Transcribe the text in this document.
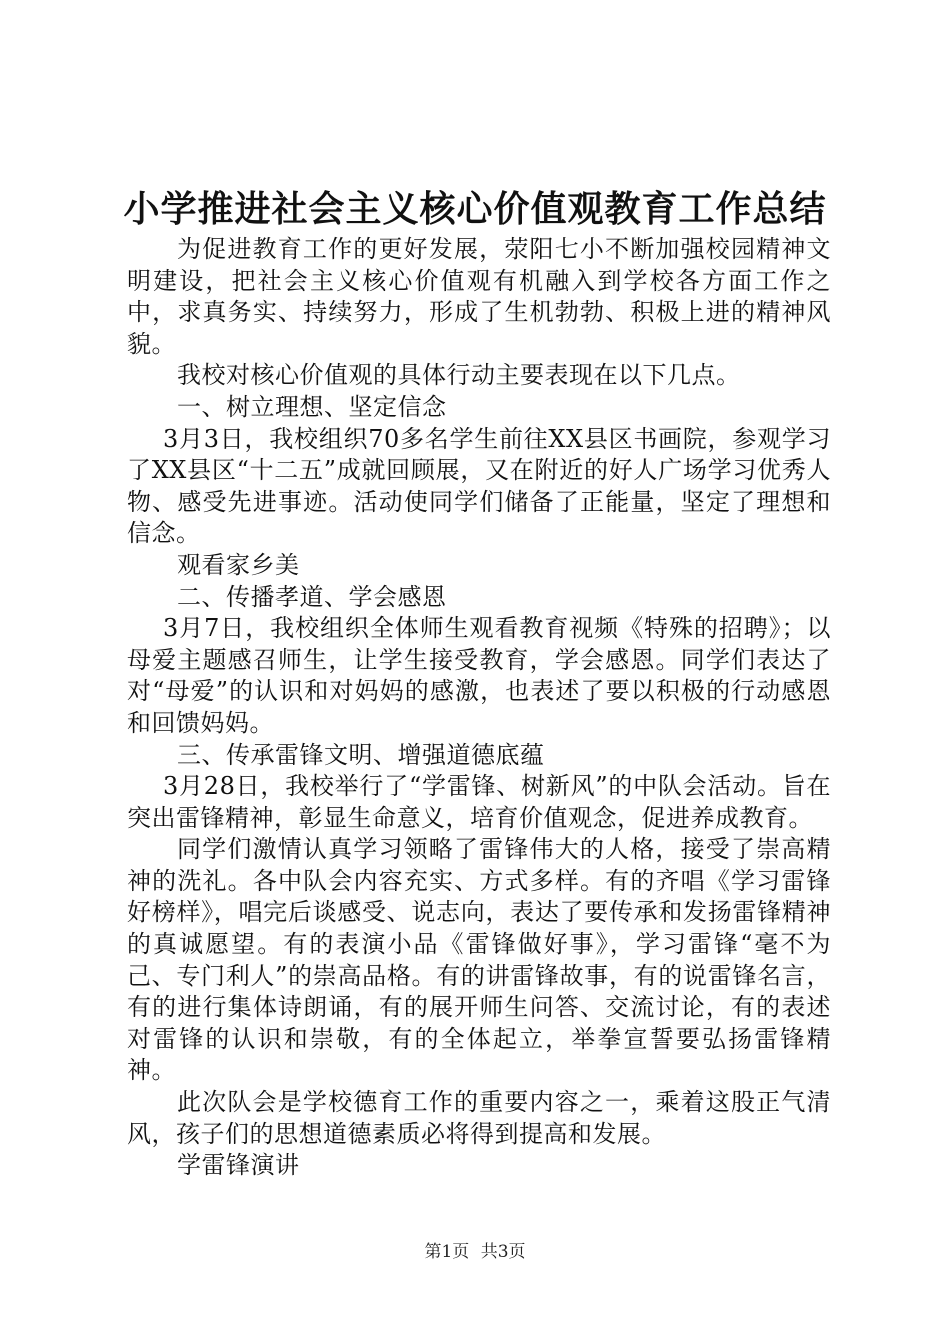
小学推进社会主义核心价值观教育工作总结

为促进教育工作的更好发展，荥阳七小不断加强校园精神文明建设，把社会主义核心价值观有机融入到学校各方面工作之中，求真务实、持续努力，形成了生机勃勃、积极上进的精神风貌。

我校对核心价值观的具体行动主要表现在以下几点。

一、树立理想、坚定信念

3月3日，我校组织70多名学生前往XX县区书画院，参观学习了XX县区“十二五”成就回顾展，又在附近的好人广场学习优秀人物、感受先进事迹。活动使同学们储备了正能量，坚定了理想和信念。

观看家乡美

二、传播孝道、学会感恩

3月7日，我校组织全体师生观看教育视频《特殊的招聘》；以母爱主题感召师生，让学生接受教育，学会感恩。同学们表达了对“母爱”的认识和对妈妈的感激，也表述了要以积极的行动感恩和回馈妈妈。

三、传承雷锋文明、增强道德底蕴

3月28日，我校举行了“学雷锋、树新风”的中队会活动。旨在突出雷锋精神，彰显生命意义，培育价值观念，促进养成教育。

同学们激情认真学习领略了雷锋伟大的人格，接受了崇高精神的洗礼。各中队会内容充实、方式多样。有的齐唱《学习雷锋好榜样》，唱完后谈感受、说志向，表达了要传承和发扬雷锋精神的真诚愿望。有的表演小品《雷锋做好事》，学习雷锋“毫不为己、专门利人”的崇高品格。有的讲雷锋故事，有的说雷锋名言，有的进行集体诗朗诵，有的展开师生问答、交流讨论，有的表述对雷锋的认识和崇敬，有的全体起立，举拳宣誓要弘扬雷锋精神。

此次队会是学校德育工作的重要内容之一，乘着这股正气清风，孩子们的思想道德素质必将得到提高和发展。

学雷锋演讲

第1页 共3页
